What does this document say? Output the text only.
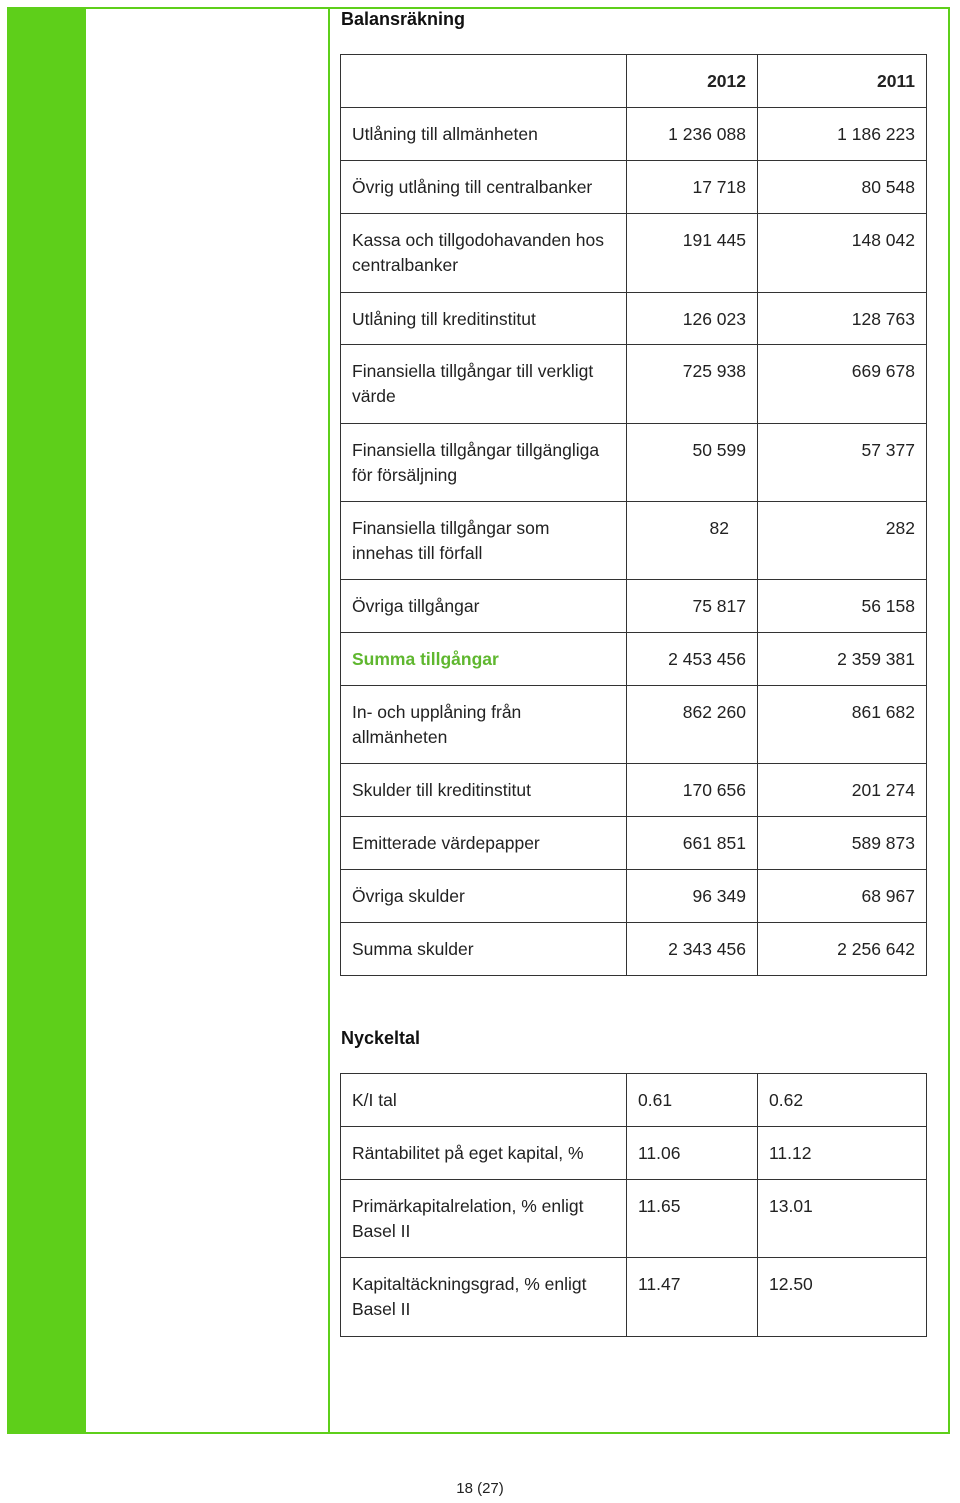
Balansräkning
	2012	2011
Utlåning till allmänheten	1 236 088	1 186 223
Övrig utlåning till centralbanker	17 718	80 548
Kassa och tillgodohavanden hos centralbanker	191 445	148 042
Utlåning till kreditinstitut	126 023	128 763
Finansiella tillgångar till verkligt värde	725 938	669 678
Finansiella tillgångar tillgängliga för försäljning	50 599	57 377
Finansiella tillgångar som innehas till förfall	82	282
Övriga tillgångar	75 817	56 158
Summa tillgångar	2 453 456	2 359 381
In- och upplåning från allmänheten	862 260	861 682
Skulder till kreditinstitut	170 656	201 274
Emitterade värdepapper	661 851	589 873
Övriga skulder	96 349	68 967
Summa skulder	2 343 456	2 256 642
Nyckeltal
K/I tal	0.61	0.62
Räntabilitet på eget kapital, %	11.06	11.12
Primärkapitalrelation, % enligt Basel II	11.65	13.01
Kapitaltäckningsgrad, % enligt Basel II	11.47	12.50
18 (27)
